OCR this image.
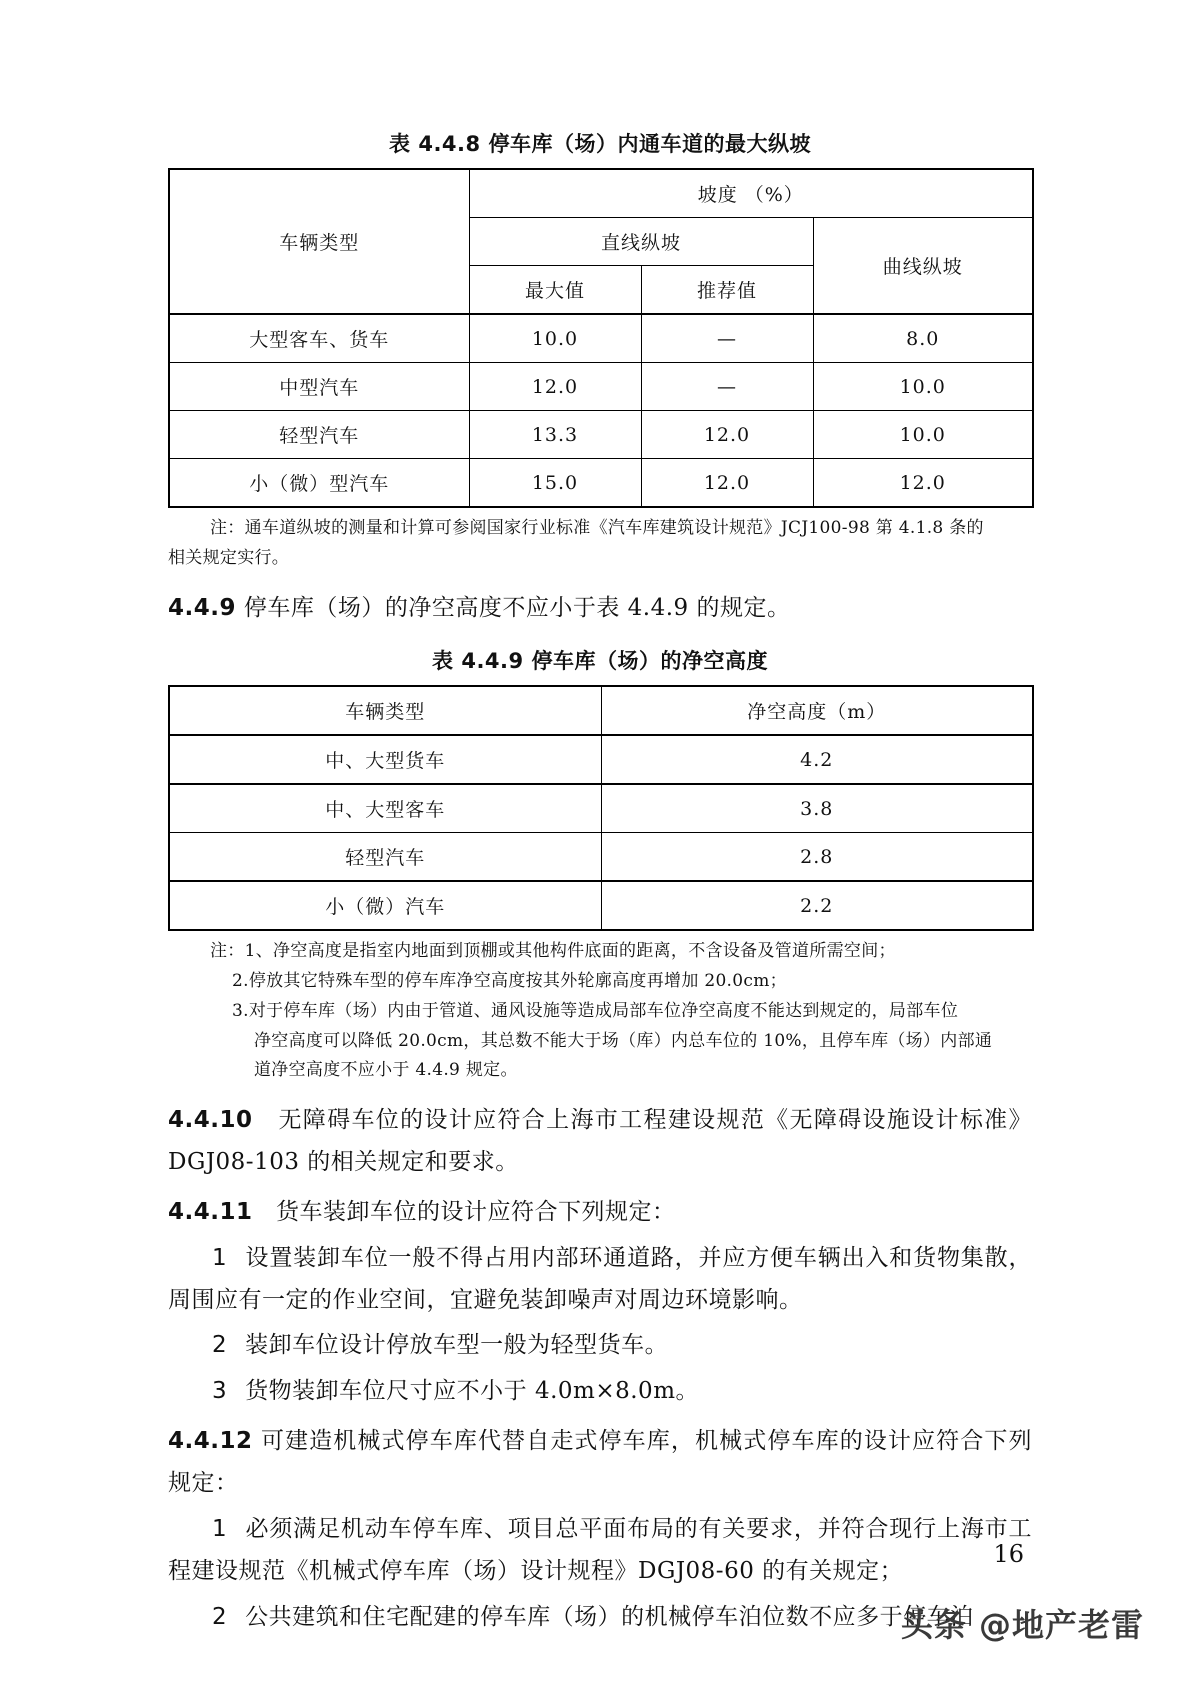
表 4.4.8 停车库（场）内通车道的最大纵坡
车辆类型	坡度 （%）		
	直线纵坡		曲线纵坡
	最大值	推荐值	
大型客车、货车	10.0	—	8.0
中型汽车	12.0	—	10.0
轻型汽车	13.3	12.0	10.0
小（微）型汽车	15.0	12.0	12.0
注：通车道纵坡的测量和计算可参阅国家行业标准《汽车库建筑设计规范》JCJ100-98 第 4.1.8 条的
相关规定实行。
4.4.9 停车库（场）的净空高度不应小于表 4.4.9 的规定。
表 4.4.9 停车库（场）的净空高度
车辆类型	净空高度（m）
中、大型货车	4.2
中、大型客车	3.8
轻型汽车	2.8
小（微）汽车	2.2
注：1、净空高度是指室内地面到顶棚或其他构件底面的距离，不含设备及管道所需空间；
2.停放其它特殊车型的停车库净空高度按其外轮廓高度再增加 20.0cm；
3.对于停车库（场）内由于管道、通风设施等造成局部车位净空高度不能达到规定的，局部车位
净空高度可以降低 20.0cm，其总数不能大于场（库）内总车位的 10%，且停车库（场）内部通
道净空高度不应小于 4.4.9 规定。
4.4.10 无障碍车位的设计应符合上海市工程建设规范《无障碍设施设计标准》DGJ08-103 的相关规定和要求。
4.4.11 货车装卸车位的设计应符合下列规定：
1 设置装卸车位一般不得占用内部环通道路，并应方便车辆出入和货物集散，周围应有一定的作业空间，宜避免装卸噪声对周边环境影响。
2 装卸车位设计停放车型一般为轻型货车。
3 货物装卸车位尺寸应不小于 4.0m×8.0m。
4.4.12 可建造机械式停车库代替自走式停车库，机械式停车库的设计应符合下列规定：
1 必须满足机动车停车库、项目总平面布局的有关要求，并符合现行上海市工程建设规范《机械式停车库（场）设计规程》DGJ08-60 的有关规定；
2 公共建筑和住宅配建的停车库（场）的机械停车泊位数不应多于停车泊
16
头条 @地产老雷
